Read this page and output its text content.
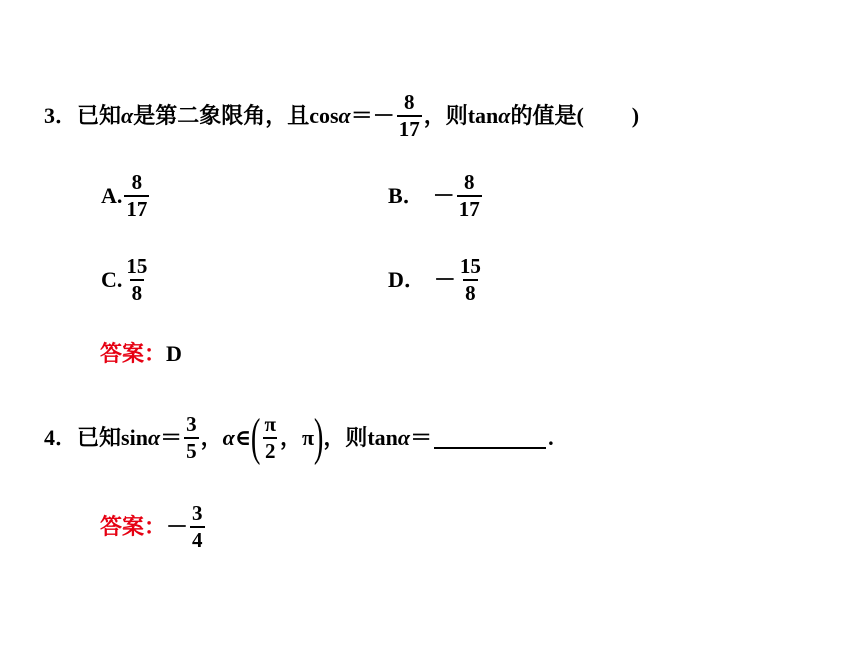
3． 已知 α 是第二象限角，且$\cos \alpha =- \frac{8}{17}$ ，则tan α 的值是( )
A. $\frac{8}{17}$	B． － $\frac{8}{17}$
C. $\frac{15}{8}$	D． － $\frac{15}{8}$
答案： D
4． 已知$\sin \alpha = \frac{3}{5}$ ， α ∈ ( $\frac{\pi}{2}$ ， π ) ，则tan α ＝	.
答案： － $\frac{3}{4}$
